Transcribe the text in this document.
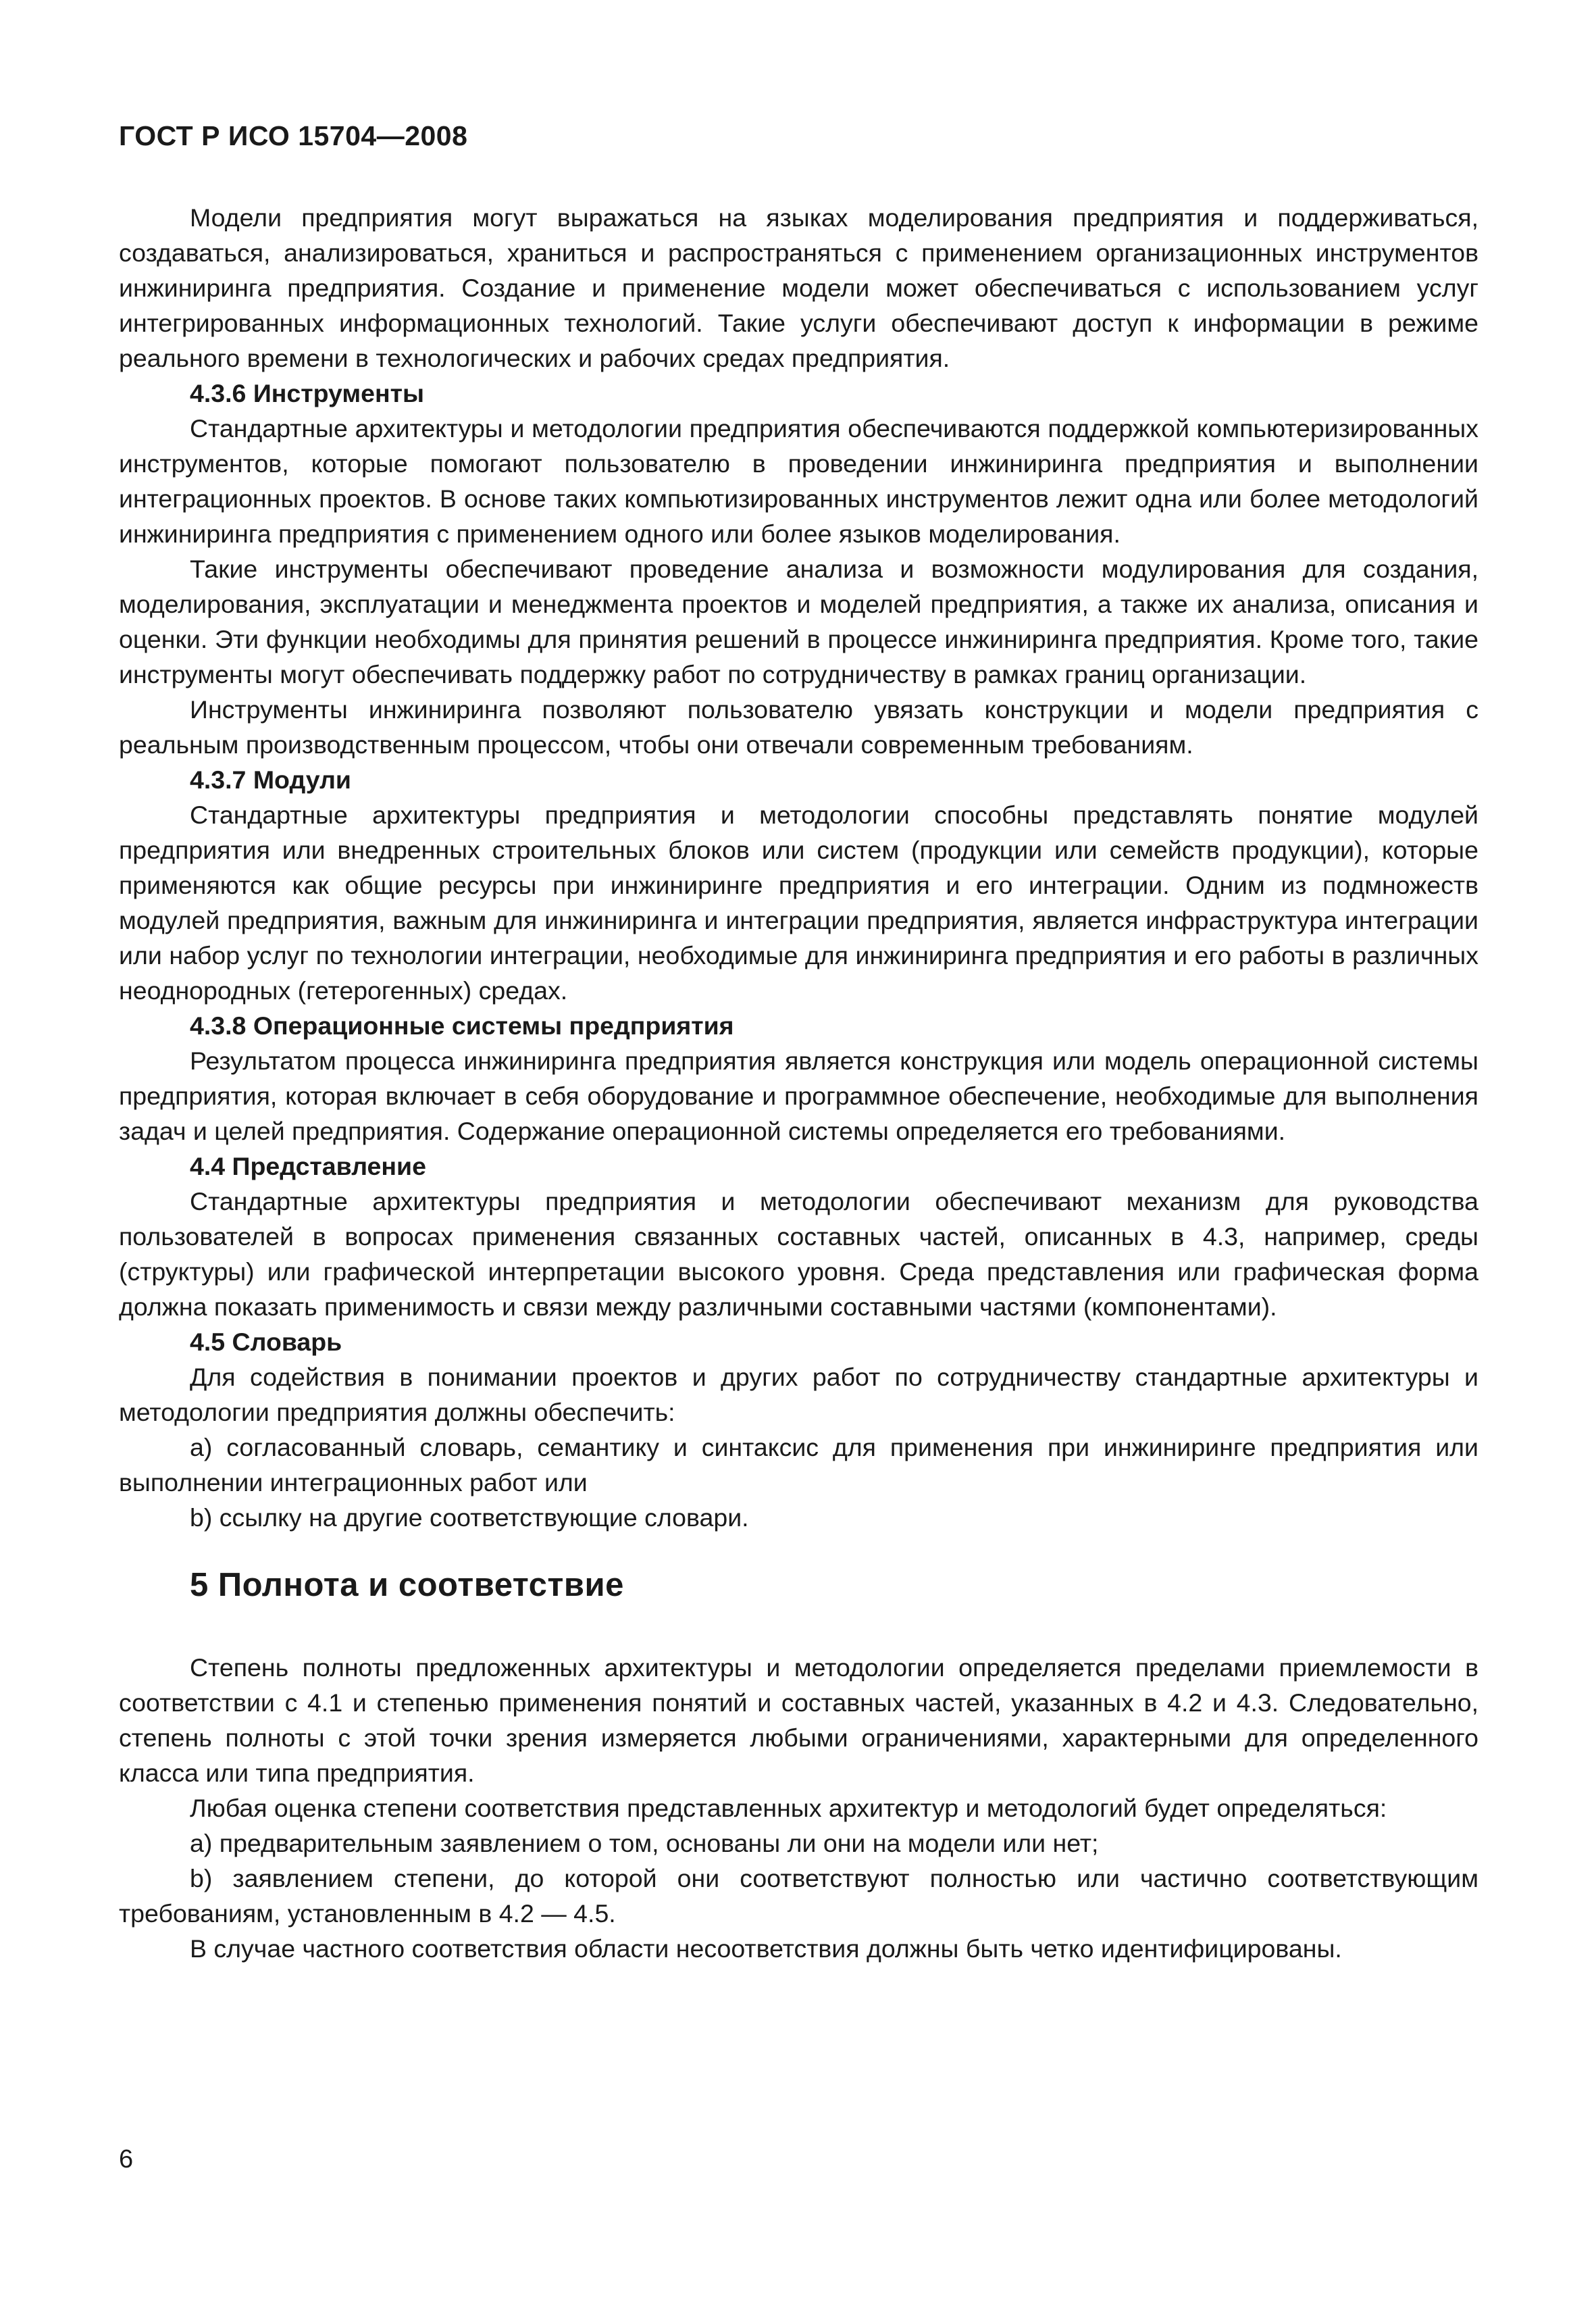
ГОСТ Р ИСО 15704—2008

Модели предприятия могут выражаться на языках моделирования предприятия и поддерживаться, создаваться, анализироваться, храниться и распространяться с применением организационных инструментов инжиниринга предприятия. Создание и применение модели может обеспечиваться с использованием услуг интегрированных информационных технологий. Такие услуги обеспечивают доступ к информации в режиме реального времени в технологических и рабочих средах предприятия.

4.3.6 Инструменты

Стандартные архитектуры и методологии предприятия обеспечиваются поддержкой компьютеризированных инструментов, которые помогают пользователю в проведении инжиниринга предприятия и выполнении интеграционных проектов. В основе таких компьютизированных инструментов лежит одна или более методологий инжиниринга предприятия с применением одного или более языков моделирования.

Такие инструменты обеспечивают проведение анализа и возможности модулирования для создания, моделирования, эксплуатации и менеджмента проектов и моделей предприятия, а также их анализа, описания и оценки. Эти функции необходимы для принятия решений в процессе инжиниринга предприятия. Кроме того, такие инструменты могут обеспечивать поддержку работ по сотрудничеству в рамках границ организации.

Инструменты инжиниринга позволяют пользователю увязать конструкции и модели предприятия с реальным производственным процессом, чтобы они отвечали современным требованиям.

4.3.7 Модули

Стандартные архитектуры предприятия и методологии способны представлять понятие модулей предприятия или внедренных строительных блоков или систем (продукции или семейств продукции), которые применяются как общие ресурсы при инжиниринге предприятия и его интеграции. Одним из подмножеств модулей предприятия, важным для инжиниринга и интеграции предприятия, является инфраструктура интеграции или набор услуг по технологии интеграции, необходимые для инжиниринга предприятия и его работы в различных неоднородных (гетерогенных) средах.

4.3.8 Операционные системы предприятия

Результатом процесса инжиниринга предприятия является конструкция или модель операционной системы предприятия, которая включает в себя оборудование и программное обеспечение, необходимые для выполнения задач и целей предприятия. Содержание операционной системы определяется его требованиями.

4.4 Представление

Стандартные архитектуры предприятия и методологии обеспечивают механизм для руководства пользователей в вопросах применения связанных составных частей, описанных в 4.3, например, среды (структуры) или графической интерпретации высокого уровня. Среда представления или графическая форма должна показать применимость и связи между различными составными частями (компонентами).

4.5 Словарь

Для содействия в понимании проектов и других работ по сотрудничеству стандартные архитектуры и методологии предприятия должны обеспечить:

a) согласованный словарь, семантику и синтаксис для применения при инжиниринге предприятия или выполнении интеграционных работ или

b) ссылку на другие соответствующие словари.

5 Полнота и соответствие

Степень полноты предложенных архитектуры и методологии определяется пределами приемлемости в соответствии с 4.1 и степенью применения понятий и составных частей, указанных в 4.2 и 4.3. Следовательно, степень полноты с этой точки зрения измеряется любыми ограничениями, характерными для определенного класса или типа предприятия.

Любая оценка степени соответствия представленных архитектур и методологий будет определяться:

a) предварительным заявлением о том, основаны ли они на модели или нет;

b) заявлением степени, до которой они соответствуют полностью или частично соответствующим требованиям, установленным в 4.2 — 4.5.

В случае частного соответствия области несоответствия должны быть четко идентифицированы.

6
